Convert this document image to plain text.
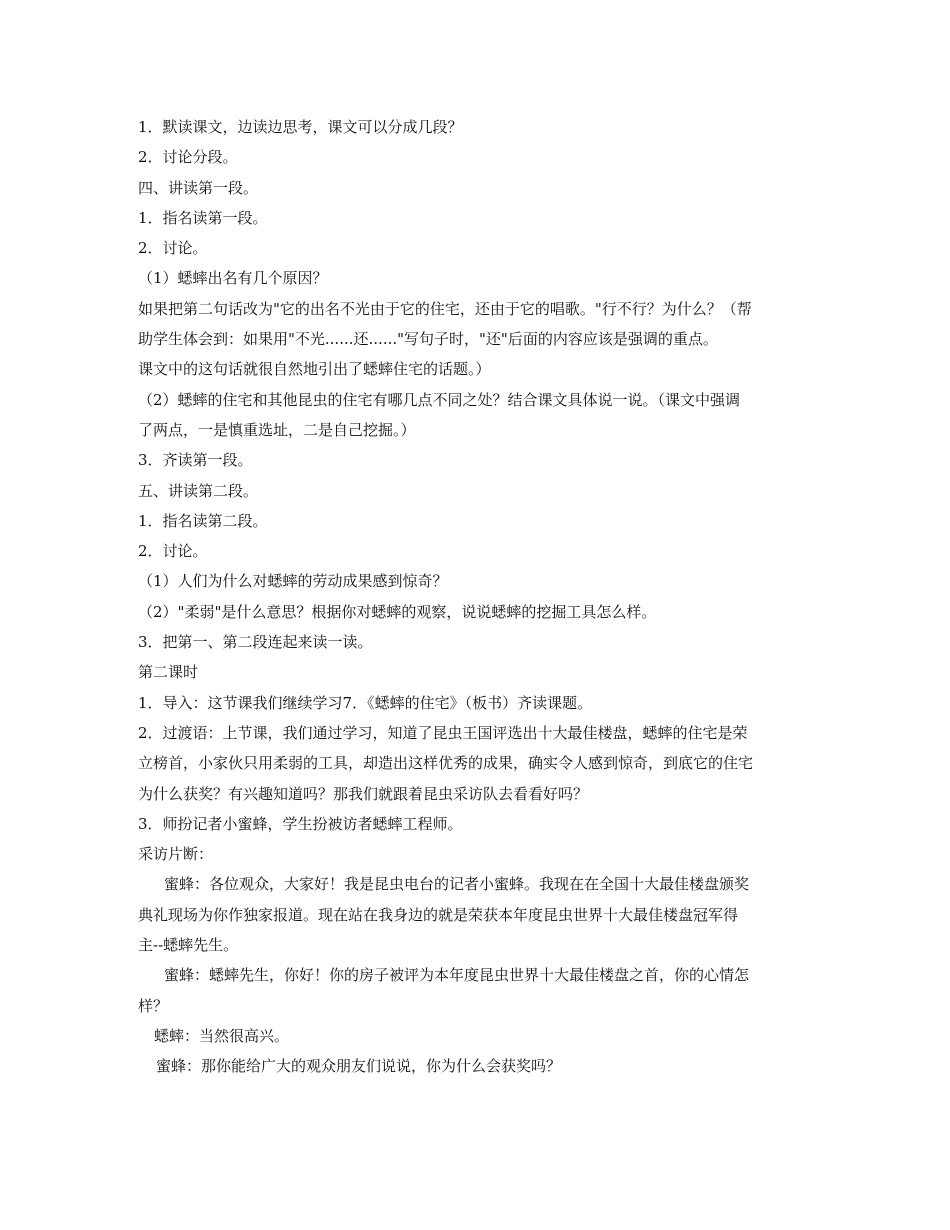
1．默读课文，边读边思考，课文可以分成几段？
2．讨论分段。
四、讲读第一段。
1．指名读第一段。
2．讨论。
（1）蟋蟀出名有几个原因？
如果把第二句话改为"它的出名不光由于它的住宅，还由于它的唱歌。"行不行？为什么？（帮
助学生体会到：如果用"不光......还......"写句子时，"还"后面的内容应该是强调的重点。
课文中的这句话就很自然地引出了蟋蟀住宅的话题。）
（2）蟋蟀的住宅和其他昆虫的住宅有哪几点不同之处？结合课文具体说一说。（课文中强调
了两点，一是慎重选址，二是自己挖掘。）
3．齐读第一段。
五、讲读第二段。
1．指名读第二段。
2．讨论。
（1）人们为什么对蟋蟀的劳动成果感到惊奇？
（2）"柔弱"是什么意思？根据你对蟋蟀的观察，说说蟋蟀的挖掘工具怎么样。
3．把第一、第二段连起来读一读。
第二课时
1．导入：这节课我们继续学习7．《蟋蟀的住宅》（板书）齐读课题。
2．过渡语：上节课，我们通过学习，知道了昆虫王国评选出十大最佳楼盘，蟋蟀的住宅是荣
立榜首，小家伙只用柔弱的工具，却造出这样优秀的成果，确实令人感到惊奇，到底它的住宅
为什么获奖？有兴趣知道吗？那我们就跟着昆虫采访队去看看好吗？
3．师扮记者小蜜蜂，学生扮被访者蟋蟀工程师。
采访片断：
蜜蜂：各位观众，大家好！我是昆虫电台的记者小蜜蜂。我现在在全国十大最佳楼盘颁奖
典礼现场为你作独家报道。现在站在我身边的就是荣获本年度昆虫世界十大最佳楼盘冠军得
主--蟋蟀先生。
蜜蜂：蟋蟀先生，你好！你的房子被评为本年度昆虫世界十大最佳楼盘之首，你的心情怎
样？
蟋蟀：当然很高兴。
蜜蜂：那你能给广大的观众朋友们说说，你为什么会获奖吗？
